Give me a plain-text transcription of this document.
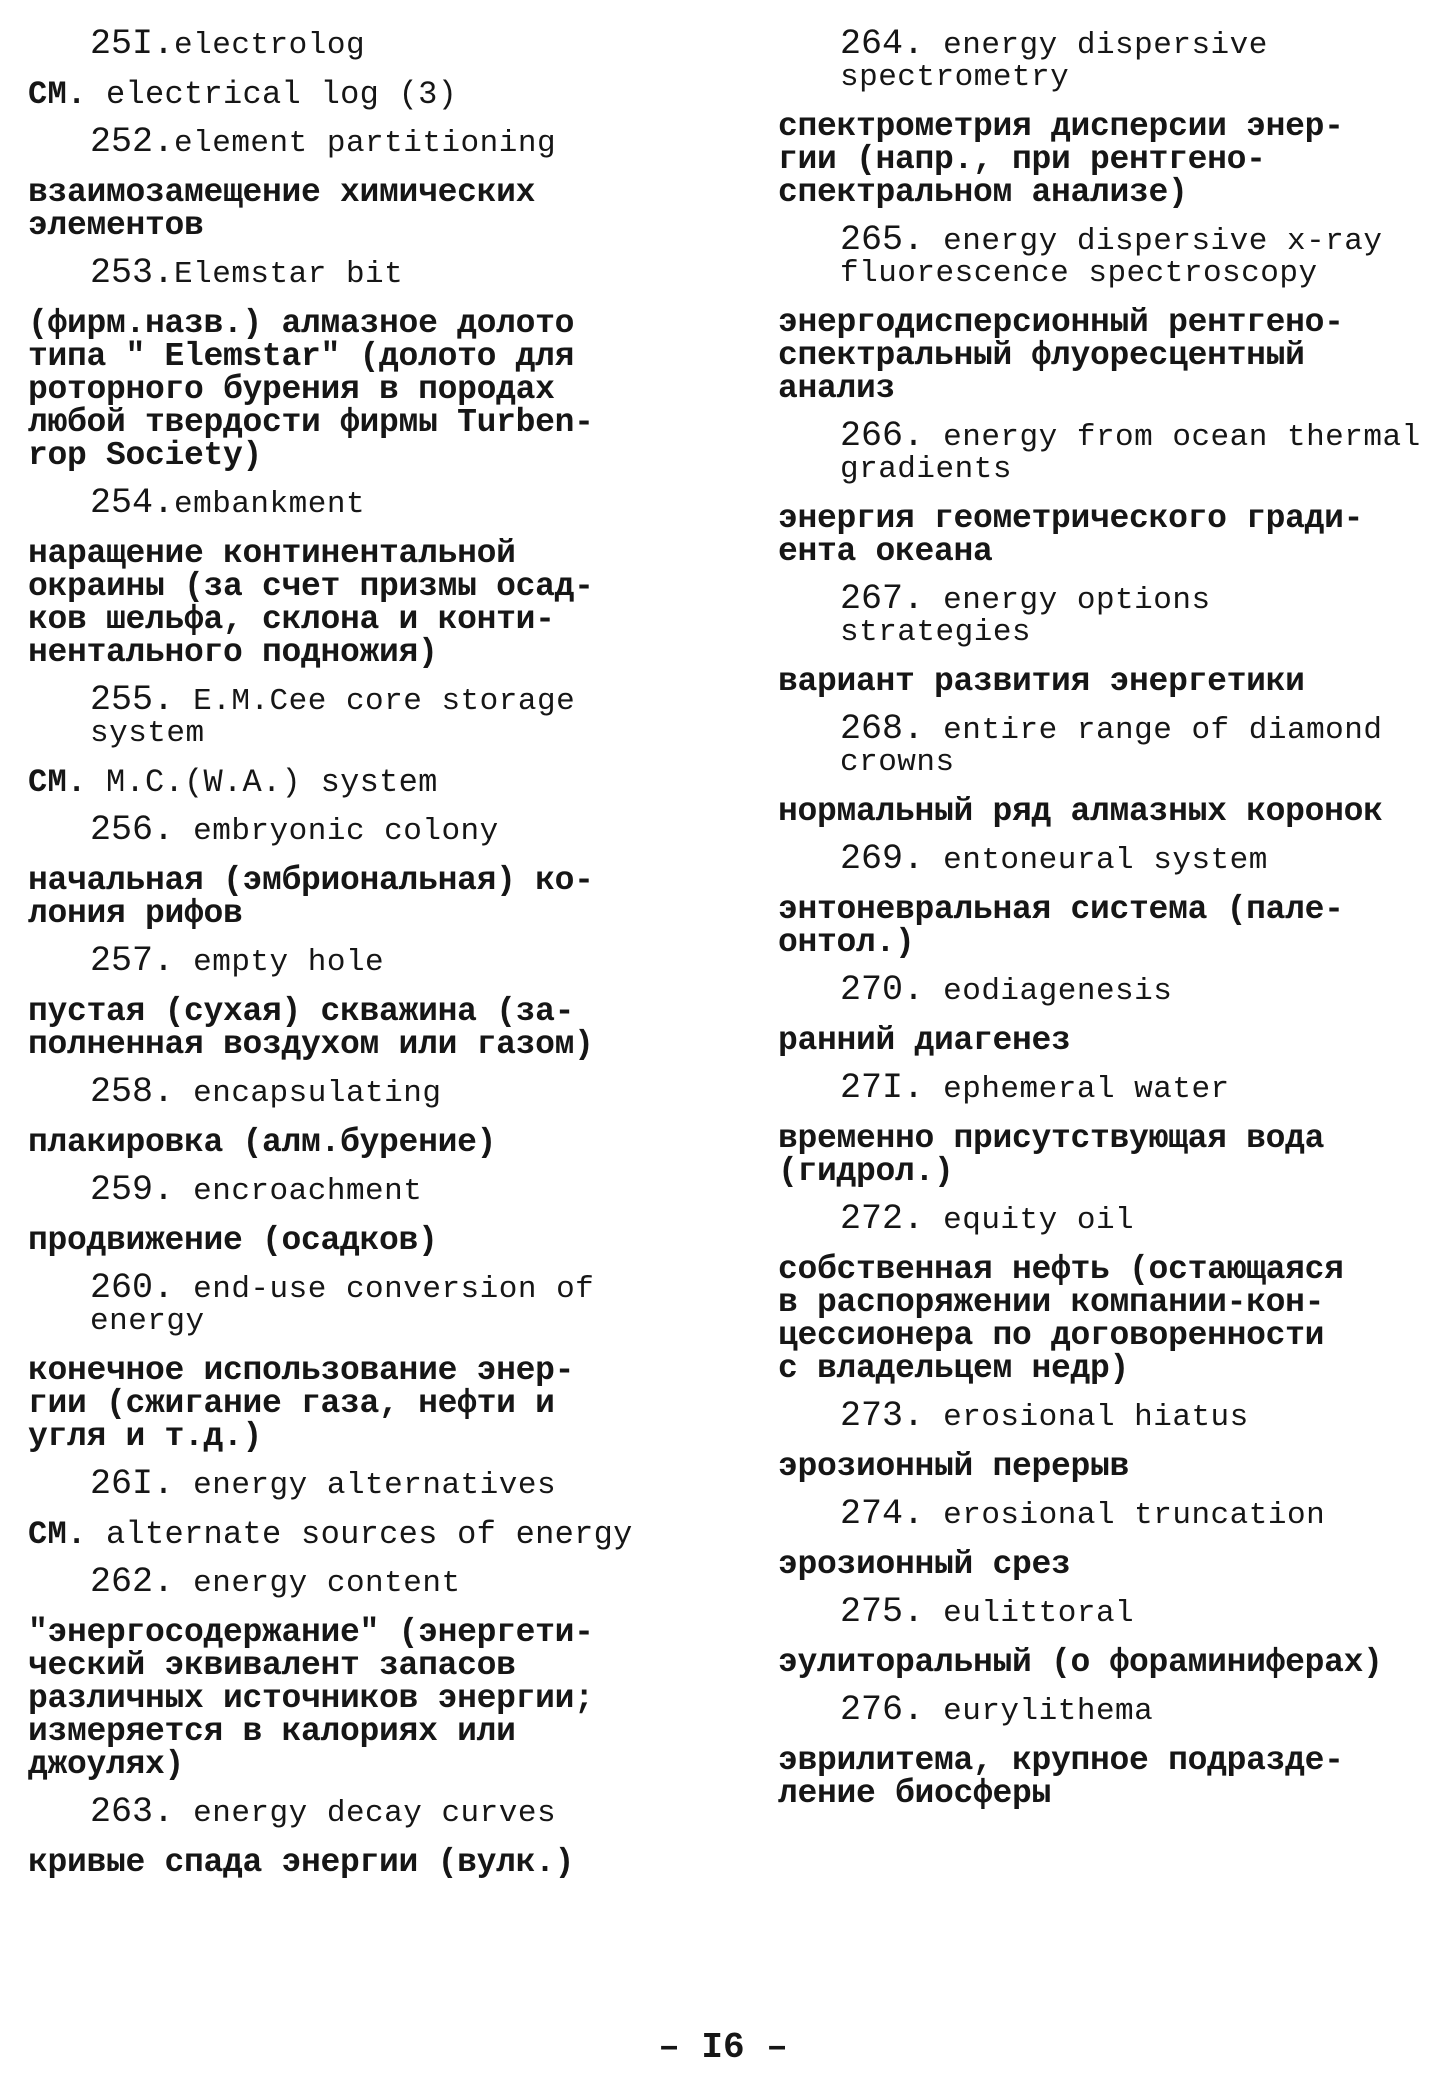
25I.electrolog
CM. electrical log (3)
252.element partitioning
взаимозамещение химических
элементов
253.Elemstar bit
(фирм.назв.) алмазное долото
типа " Elemstar" (долото для
роторного бурения в породах
любой твердости фирмы Turben-
rop Society)
254.embankment
наращение континентальной
окраины (за счет призмы осад-
ков шельфа, склона и конти-
нентального подножия)
255. E.M.Cee core storage
system
CM. M.C.(W.A.) system
256. embryonic colony
начальная (эмбриональная) ко-
лония рифов
257. empty hole
пустая (сухая) скважина (за-
полненная воздухом или газом)
258. encapsulating
плакировка (алм.бурение)
259. encroachment
продвижение (осадков)
260. end-use conversion of
energy
конечное использование энер-
гии (сжигание газа, нефти и
угля и т.д.)
26I. energy alternatives
CM. alternate sources of energy
262. energy content
"энергосодержание" (энергети-
ческий эквивалент запасов
различных источников энергии;
измеряется в калориях или
джоулях)
263. energy decay curves
кривые спада энергии (вулк.)
264. energy dispersive
spectrometry
спектрометрия дисперсии энер-
гии (напр., при рентгено-
спектральном анализе)
265. energy dispersive x-ray
fluorescence spectroscopy
энергодисперсионный рентгено-
спектральный флуоресцентный
анализ
266. energy from ocean thermal
gradients
энергия геометрического гради-
ента океана
267. energy options
strategies
вариант развития энергетики
268. entire range of diamond
crowns
нормальный ряд алмазных коронок
269. entoneural system
энтоневральная система (пале-
онтол.)
270. eodiagenesis
ранний диагенез
27I. ephemeral water
временно присутствующая вода
(гидрол.)
272. equity oil
собственная нефть (остающаяся
в распоряжении компании-кон-
цессионера по договоренности
с владельцем недр)
273. erosional hiatus
эрозионный перерыв
274. erosional truncation
эрозионный срез
275. eulittoral
эулиторальный (о фораминиферах)
276. eurylithema
эврилитема, крупное подразде-
ление биосферы
– I6 –
